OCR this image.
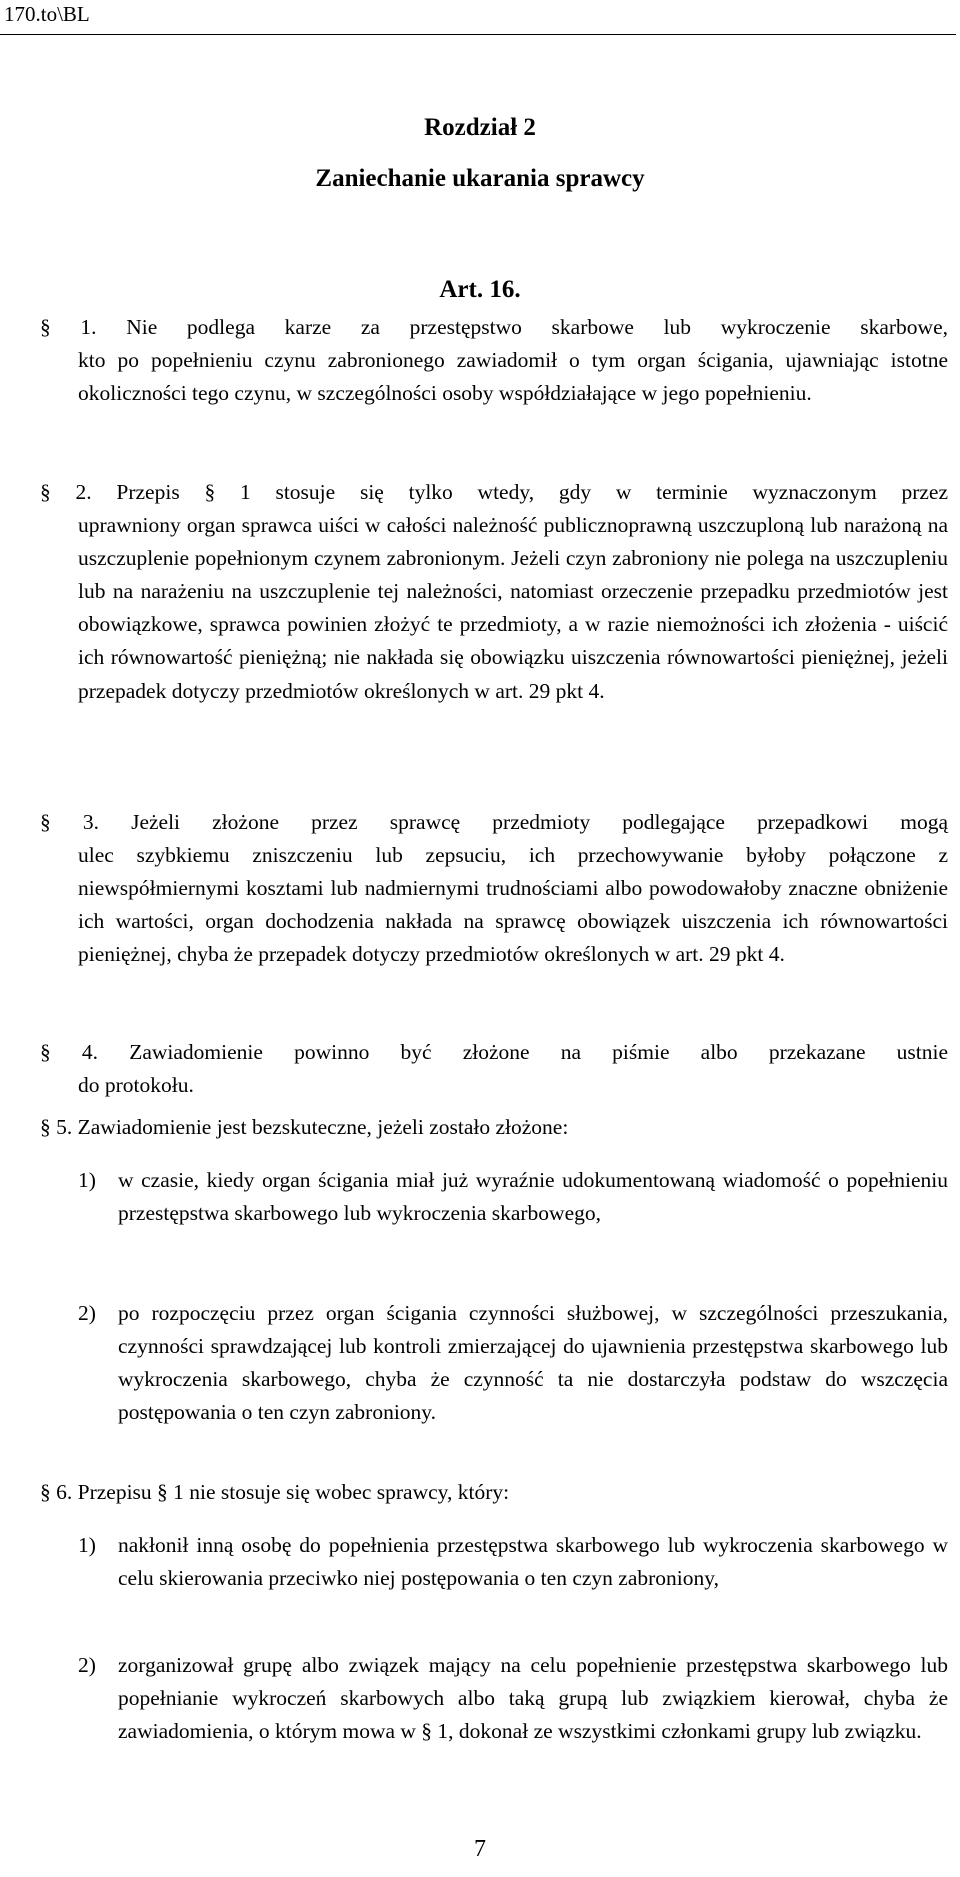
170.to\BL
Rozdział 2
Zaniechanie ukarania sprawcy
Art. 16.
§ 1. Nie podlega karze za przestępstwo skarbowe lub wykroczenie skarbowe,
kto po popełnieniu czynu zabronionego zawiadomił o tym organ ścigania, ujawniając istotne okoliczności tego czynu, w szczególności osoby współdziałające w jego popełnieniu.
§ 2. Przepis § 1 stosuje się tylko wtedy, gdy w terminie wyznaczonym przez
uprawniony organ sprawca uiści w całości należność publicznoprawną uszczuploną lub narażoną na uszczuplenie popełnionym czynem zabronionym. Jeżeli czyn zabroniony nie polega na uszczupleniu lub na narażeniu na uszczuplenie tej należności, natomiast orzeczenie przepadku przedmiotów jest obowiązkowe, sprawca powinien złożyć te przedmioty, a w razie niemożności ich złożenia - uiścić ich równowartość pieniężną; nie nakłada się obowiązku uiszczenia równowartości pieniężnej, jeżeli przepadek dotyczy przedmiotów określonych w art. 29 pkt 4.
§ 3. Jeżeli złożone przez sprawcę przedmioty podlegające przepadkowi mogą
ulec szybkiemu zniszczeniu lub zepsuciu, ich przechowywanie byłoby połączone z niewspółmiernymi kosztami lub nadmiernymi trudnościami albo powodowałoby znaczne obniżenie ich wartości, organ dochodzenia nakłada na sprawcę obowiązek uiszczenia ich równowartości pieniężnej, chyba że przepadek dotyczy przedmiotów określonych w art. 29 pkt 4.
§ 4. Zawiadomienie powinno być złożone na piśmie albo przekazane ustnie
do protokołu.
§ 5. Zawiadomienie jest bezskuteczne, jeżeli zostało złożone:
1)	w czasie, kiedy organ ścigania miał już wyraźnie udokumentowaną wiadomość o popełnieniu przestępstwa skarbowego lub wykroczenia skarbowego,
2)	po rozpoczęciu przez organ ścigania czynności służbowej, w szczególności przeszukania, czynności sprawdzającej lub kontroli zmierzającej do ujawnienia przestępstwa skarbowego lub wykroczenia skarbowego, chyba że czynność ta nie dostarczyła podstaw do wszczęcia postępowania o ten czyn zabroniony.
§ 6. Przepisu § 1 nie stosuje się wobec sprawcy, który:
1)	nakłonił inną osobę do popełnienia przestępstwa skarbowego lub wykroczenia skarbowego w celu skierowania przeciwko niej postępowania o ten czyn zabroniony,
2)	zorganizował grupę albo związek mający na celu popełnienie przestępstwa skarbowego lub popełnianie wykroczeń skarbowych albo taką grupą lub związkiem kierował, chyba że zawiadomienia, o którym mowa w § 1, dokonał ze wszystkimi członkami grupy lub związku.
7
